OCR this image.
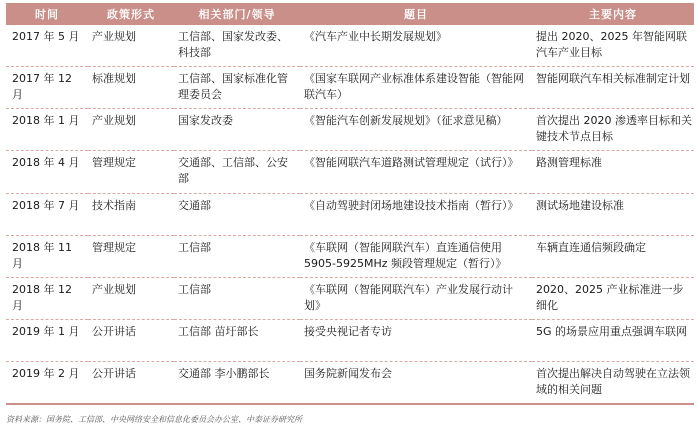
时间	政策形式	相关部门/领导	题目	主要内容
2017 年 5 月	产业规划	工信部、国家发改委、科技部	《汽车产业中长期发展规划》	提出 2020、2025 年智能网联汽车产业目标
2017 年 12 月	标准规划	工信部、国家标准化管理委员会	《国家车联网产业标准体系建设智能（智能网联汽车）	智能网联汽车相关标准制定计划
2018 年 1 月	产业规划	国家发改委	《智能汽车创新发展规划》（征求意见稿）	首次提出 2020 渗透率目标和关键技术节点目标
2018 年 4 月	管理规定	交通部、工信部、公安部	《智能网联汽车道路测试管理规定（试行）》	路测管理标准
2018 年 7 月	技术指南	交通部	《自动驾驶封闭场地建设技术指南（暂行）》	测试场地建设标准
2018 年 11 月	管理规定	工信部	《车联网（智能网联汽车）直连通信使用 5905-5925MHz 频段管理规定（暂行）》	车辆直连通信频段确定
2018 年 12 月	产业规划	工信部	《车联网（智能网联汽车）产业发展行动计划》	2020、2025 产业标准进一步细化
2019 年 1 月	公开讲话	工信部 苗圩部长	接受央视记者专访	5G 的场景应用重点强调车联网
2019 年 2 月	公开讲话	交通部 李小鹏部长	国务院新闻发布会	首次提出解决自动驾驶在立法领域的相关问题
资料来源：国务院、工信部、中央网络安全和信息化委员会办公室、中泰证券研究所
